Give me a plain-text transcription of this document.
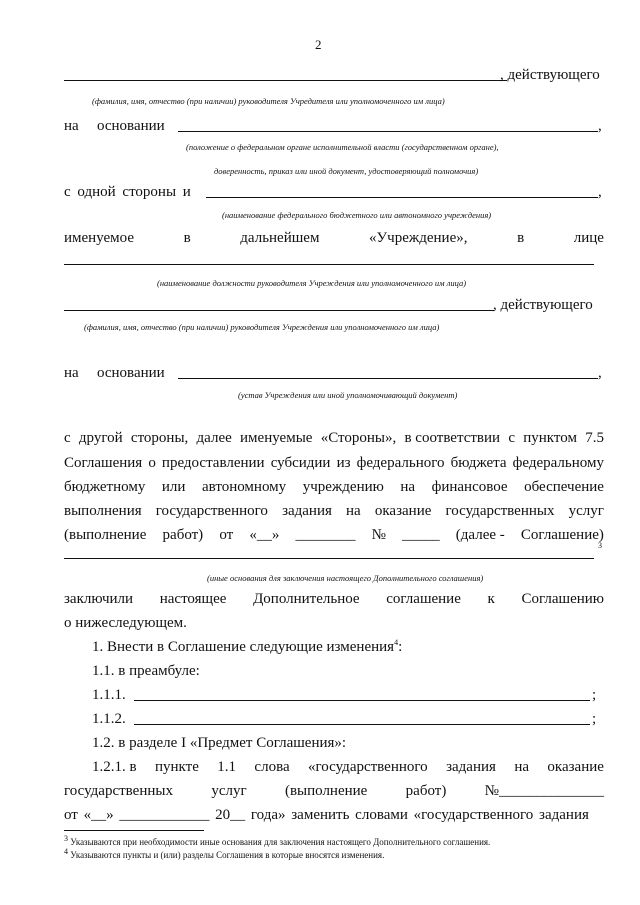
2
, действующего
(фамилия, имя, отчество (при наличии) руководителя Учредителя или уполномоченного им лица)
на основании	,
(положение о федеральном органе исполнительной власти (государственном органе),
доверенность, приказ или иной документ, удостоверяющий полномочия)
с одной стороны и	,
(наименование федерального бюджетного или автономного учреждения)
именуемое	в	дальнейшем	«Учреждение»,	в	лице
(наименование должности руководителя Учреждения или уполномоченного им лица)
, действующего
(фамилия, имя, отчество (при наличии) руководителя Учреждения или уполномоченного им лица)
на основании	,
(устав Учреждения или иной уполномочивающий документ)
с другой стороны, далее именуемые «Стороны», в соответствии с пунктом 7.5
Соглашения о предоставлении субсидии из федерального бюджета федеральному
бюджетному или автономному учреждению на финансовое обеспечение
выполнения государственного задания на оказание государственных услуг
(выполнение работ) от «__» ________ № _____ (далее - Соглашение)
3
(иные основания для заключения настоящего Дополнительного соглашения)
заключили настоящее Дополнительное соглашение к Соглашению
о нижеследующем.
1. Внести в Соглашение следующие изменения$^4$:
1.1. в преамбуле:
1.1.1.	;
1.1.2.	;
1.2. в разделе I «Предмет Соглашения»:
1.2.1. в пункте 1.1 слова «государственного задания на оказание
государственных	услуг	(выполнение	работ)	№______________
от «__» ____________ 20__ года» заменить словами «государственного задания
$^3$ Указываются при необходимости иные основания для заключения настоящего Дополнительного соглашения.
$^4$ Указываются пункты и (или) разделы Соглашения в которые вносятся изменения.
